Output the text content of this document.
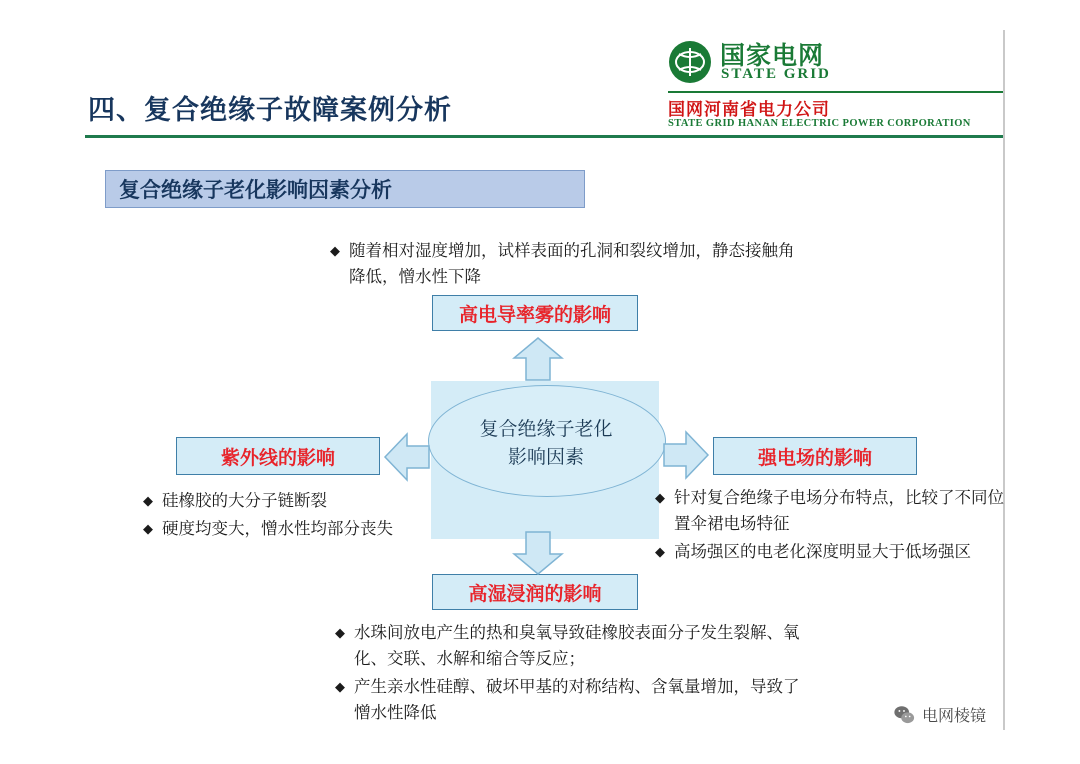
国家电网
STATE GRID
国网河南省电力公司
STATE GRID HANAN ELECTRIC POWER CORPORATION
四、复合绝缘子故障案例分析
复合绝缘子老化影响因素分析
◆ 随着相对湿度增加，试样表面的孔洞和裂纹增加，静态接触角降低，憎水性下降
复合绝缘子老化
影响因素
高电导率雾的影响
高湿浸润的影响
紫外线的影响	强电场的影响
◆ 硅橡胶的大分子链断裂
◆ 硬度均变大，憎水性均部分丧失
◆ 针对复合绝缘子电场分布特点，比较了不同位置伞裙电场特征
◆ 高场强区的电老化深度明显大于低场强区
◆ 水珠间放电产生的热和臭氧导致硅橡胶表面分子发生裂解、氧化、交联、水解和缩合等反应；
◆ 产生亲水性硅醇、破坏甲基的对称结构、含氧量增加，导致了憎水性降低	电网棱镜
